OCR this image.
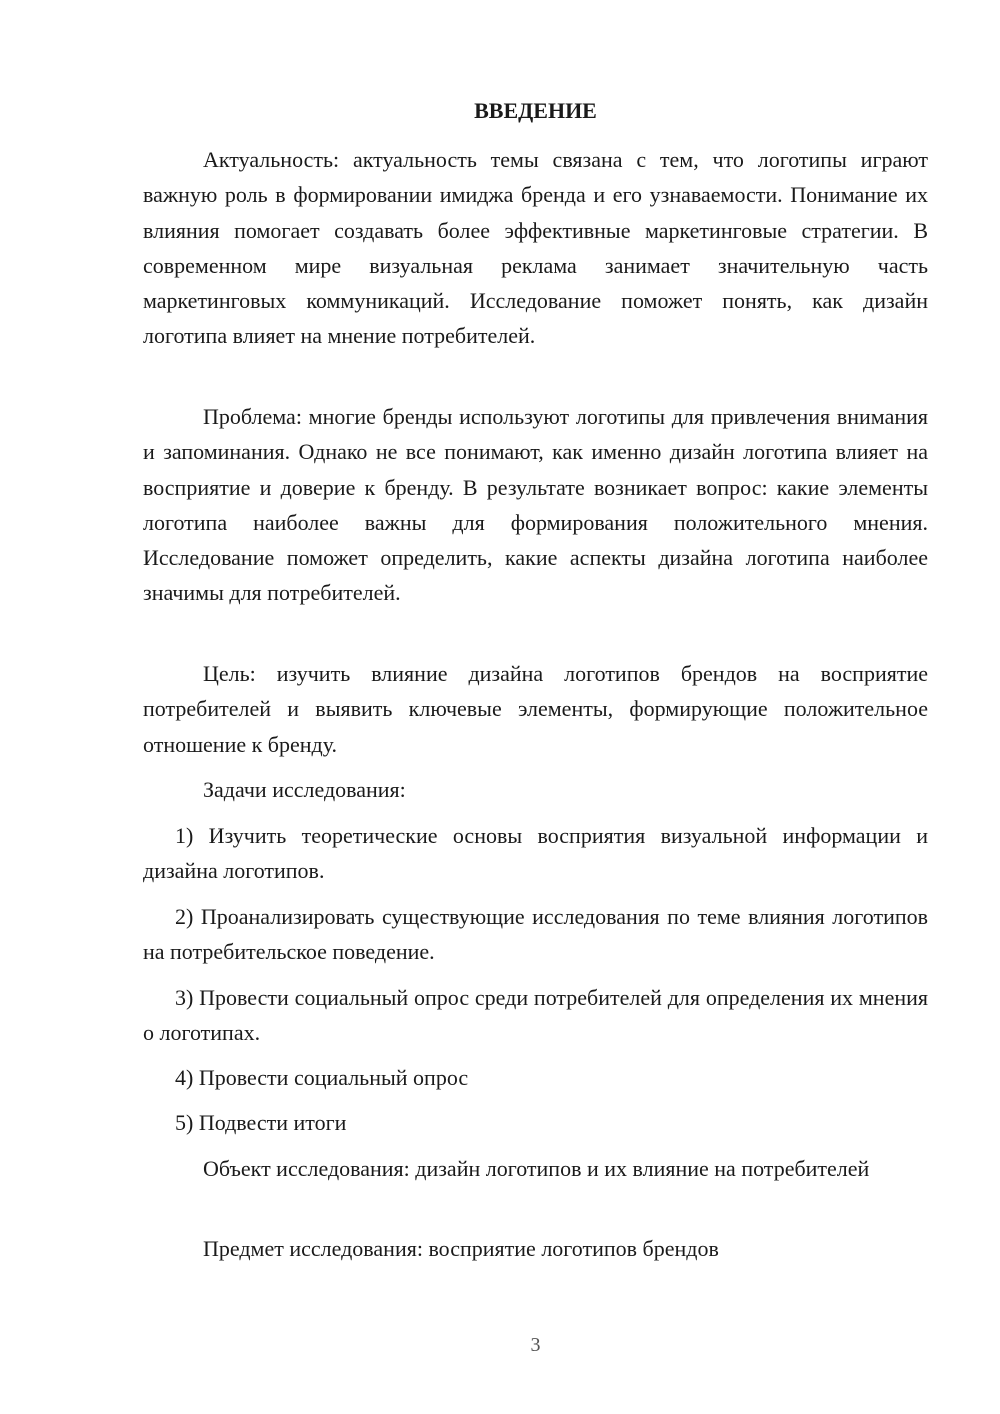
ВВЕДЕНИЕ

Актуальность: актуальность темы связана с тем, что логотипы играют важную роль в формировании имиджа бренда и его узнаваемости. Понимание их влияния помогает создавать более эффективные маркетинговые стратегии. В современном мире визуальная реклама занимает значительную часть маркетинговых коммуникаций. Исследование поможет понять, как дизайн логотипа влияет на мнение потребителей.

Проблема: многие бренды используют логотипы для привлечения внимания и запоминания. Однако не все понимают, как именно дизайн логотипа влияет на восприятие и доверие к бренду. В результате возникает вопрос: какие элементы логотипа наиболее важны для формирования положительного мнения. Исследование поможет определить, какие аспекты дизайна логотипа наиболее значимы для потребителей.

Цель: изучить влияние дизайна логотипов брендов на восприятие потребителей и выявить ключевые элементы, формирующие положительное отношение к бренду.

Задачи исследования:

1) Изучить теоретические основы восприятия визуальной информации и дизайна логотипов.

2) Проанализировать существующие исследования по теме влияния логотипов на потребительское поведение.

3) Провести социальный опрос среди потребителей для определения их мнения о логотипах.

4) Провести социальный опрос

5) Подвести итоги

Объект исследования: дизайн логотипов и их влияние на потребителей

Предмет исследования: восприятие логотипов брендов

3
